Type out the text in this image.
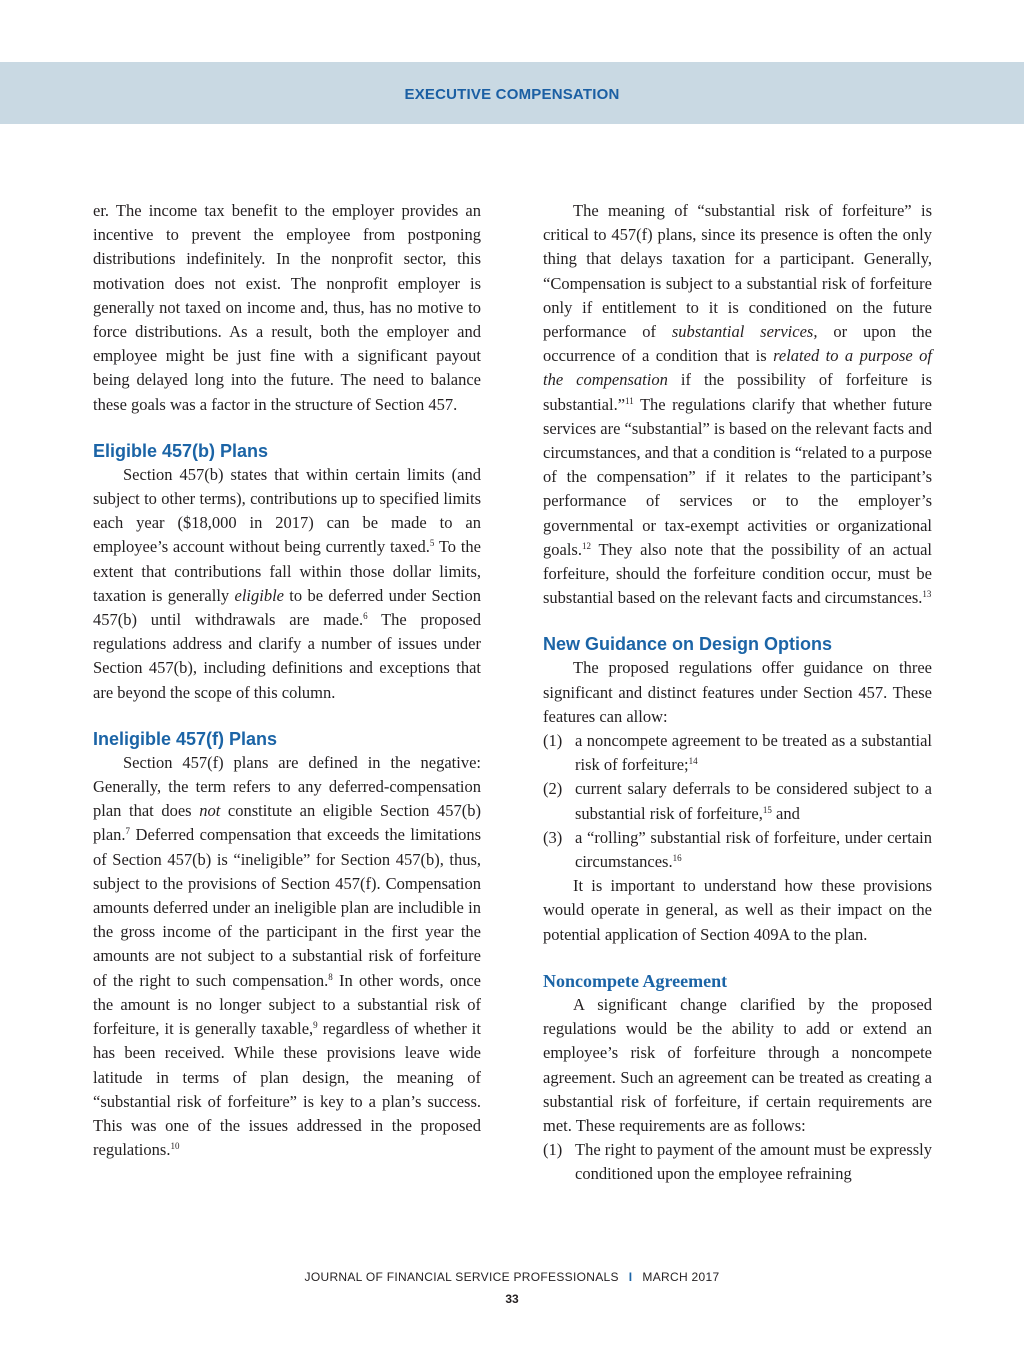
EXECUTIVE COMPENSATION

er. The income tax benefit to the employer provides an incentive to prevent the employee from postponing distributions indefinitely. In the nonprofit sector, this motivation does not exist. The nonprofit employer is generally not taxed on income and, thus, has no motive to force distributions. As a result, both the employer and employee might be just fine with a significant payout being delayed long into the future. The need to balance these goals was a factor in the structure of Section 457.

Eligible 457(b) Plans

Section 457(b) states that within certain limits (and subject to other terms), contributions up to specified limits each year ($18,000 in 2017) can be made to an employee’s account without being currently taxed.$^5$ To the extent that contributions fall within those dollar limits, taxation is generally eligible to be deferred under Section 457(b) until withdrawals are made.$^6$ The proposed regulations address and clarify a number of issues under Section 457(b), including definitions and exceptions that are beyond the scope of this column.

Ineligible 457(f) Plans

Section 457(f) plans are defined in the negative: Generally, the term refers to any deferred-compensation plan that does not constitute an eligible Section 457(b) plan.$^7$ Deferred compensation that exceeds the limitations of Section 457(b) is “ineligible” for Section 457(b), thus, subject to the provisions of Section 457(f). Compensation amounts deferred under an ineligible plan are includible in the gross income of the participant in the first year the amounts are not subject to a substantial risk of forfeiture of the right to such compensation.$^8$ In other words, once the amount is no longer subject to a substantial risk of forfeiture, it is generally taxable,$^9$ regardless of whether it has been received. While these provisions leave wide latitude in terms of plan design, the meaning of “substantial risk of forfeiture” is key to a plan’s success. This was one of the issues addressed in the proposed regulations.$^{10}$

The meaning of “substantial risk of forfeiture” is critical to 457(f) plans, since its presence is often the only thing that delays taxation for a participant. Generally, “Compensation is subject to a substantial risk of forfeiture only if entitlement to it is conditioned on the future performance of substantial services, or upon the occurrence of a condition that is related to a purpose of the compensation if the possibility of forfeiture is substantial.”$^{11}$ The regulations clarify that whether future services are “substantial” is based on the relevant facts and circumstances, and that a condition is “related to a purpose of the compensation” if it relates to the participant’s performance of services or to the employer’s governmental or tax-exempt activities or organizational goals.$^{12}$ They also note that the possibility of an actual forfeiture, should the forfeiture condition occur, must be substantial based on the relevant facts and circumstances.$^{13}$

New Guidance on Design Options

The proposed regulations offer guidance on three significant and distinct features under Section 457. These features can allow:

(1) a noncompete agreement to be treated as a substantial risk of forfeiture;$^{14}$
(2) current salary deferrals to be considered subject to a substantial risk of forfeiture,$^{15}$ and
(3) a “rolling” substantial risk of forfeiture, under certain circumstances.$^{16}$

It is important to understand how these provisions would operate in general, as well as their impact on the potential application of Section 409A to the plan.

Noncompete Agreement

A significant change clarified by the proposed regulations would be the ability to add or extend an employee’s risk of forfeiture through a noncompete agreement. Such an agreement can be treated as creating a substantial risk of forfeiture, if certain requirements are met. These requirements are as follows:

(1) The right to payment of the amount must be expressly conditioned upon the employee refraining
JOURNAL OF FINANCIAL SERVICE PROFESSIONALS I MARCH 2017
33
